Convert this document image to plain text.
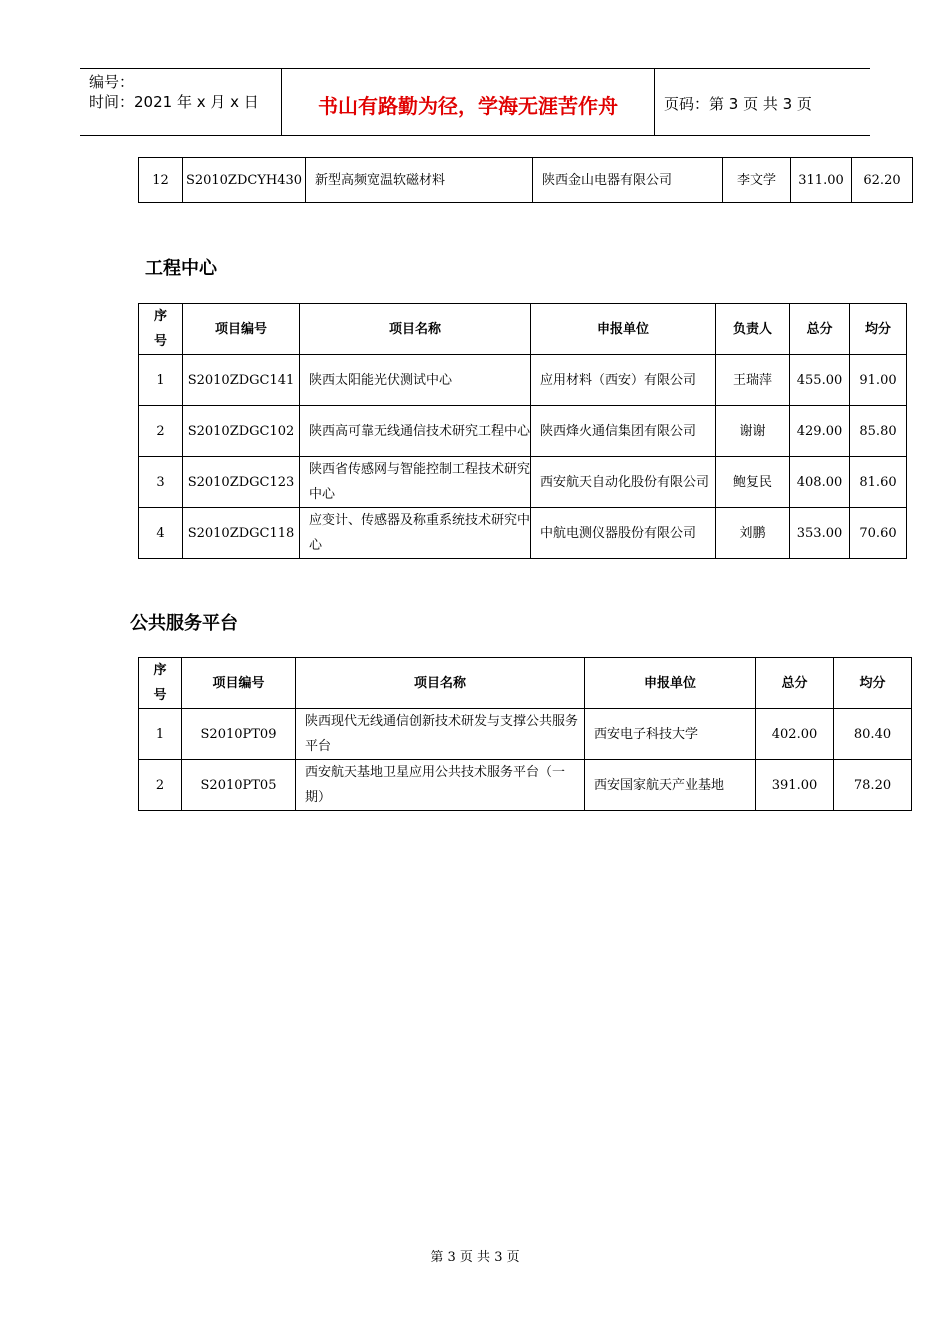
编号：
时间：2021 年 x 月 x 日	书山有路勤为径，学海无涯苦作舟	页码：第 3 页 共 3 页
12	S2010ZDCYH430	新型高频宽温软磁材料	陕西金山电器有限公司	李文学	311.00	62.20
工程中心
序号	项目编号	项目名称	申报单位	负责人	总分	均分
1	S2010ZDGC141	陕西太阳能光伏测试中心	应用材料（西安）有限公司	王瑞萍	455.00	91.00
2	S2010ZDGC102	陕西高可靠无线通信技术研究工程中心	陕西烽火通信集团有限公司	谢谢	429.00	85.80
3	S2010ZDGC123	陕西省传感网与智能控制工程技术研究中心	西安航天自动化股份有限公司	鲍复民	408.00	81.60
4	S2010ZDGC118	应变计、传感器及称重系统技术研究中心	中航电测仪器股份有限公司	刘鹏	353.00	70.60
公共服务平台
序号	项目编号	项目名称	申报单位	总分	均分
1	S2010PT09	陕西现代无线通信创新技术研发与支撑公共服务平台	西安电子科技大学	402.00	80.40
2	S2010PT05	西安航天基地卫星应用公共技术服务平台（一期）	西安国家航天产业基地	391.00	78.20
第 3 页 共 3 页
